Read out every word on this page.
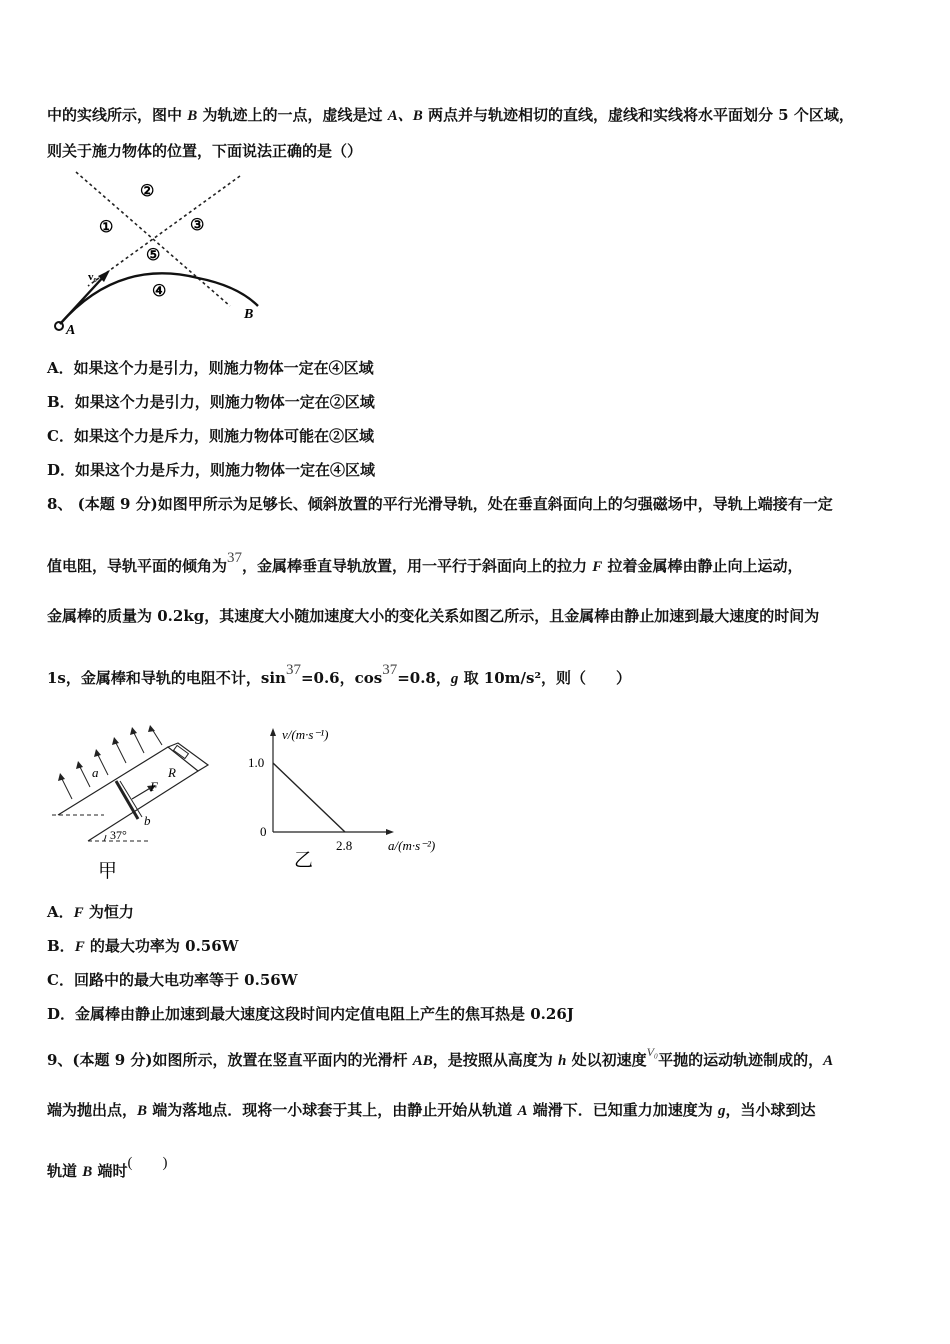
中的实线所示，图中 B 为轨迹上的一点，虚线是过 A、B 两点并与轨迹相切的直线，虚线和实线将水平面划分 5 个区域，
则关于施力物体的位置，下面说法正确的是（）
v₀
A
B
①
②
③
④
⑤
A．如果这个力是引力，则施力物体一定在④区域
B．如果这个力是引力，则施力物体一定在②区域
C．如果这个力是斥力，则施力物体可能在②区域
D．如果这个力是斥力，则施力物体一定在④区域
8、 (本题 9 分)如图甲所示为足够长、倾斜放置的平行光滑导轨，处在垂直斜面向上的匀强磁场中，导轨上端接有一定
值电阻，导轨平面的倾角为37，金属棒垂直导轨放置，用一平行于斜面向上的拉力 F 拉着金属棒由静止向上运动，
金属棒的质量为 0.2kg，其速度大小随加速度大小的变化关系如图乙所示，且金属棒由静止加速到最大速度的时间为
1s，金属棒和导轨的电阻不计，sin37=0.6，cos37=0.8，g 取 10m/s²，则（　　）
37°
a
b
R
F
甲
v/(m·s⁻¹)
a/(m·s⁻²)
1.0
2.8
0
乙
A．F 为恒力
B．F 的最大功率为 0.56W
C．回路中的最大电功率等于 0.56W
D．金属棒由静止加速到最大速度这段时间内定值电阻上产生的焦耳热是 0.26J
9、(本题 9 分)如图所示，放置在竖直平面内的光滑杆 AB，是按照从高度为 h 处以初速度$^{V_0}$平抛的运动轨迹制成的，A
端为抛出点，B 端为落地点．现将一小球套于其上，由静止开始从轨道 A 端滑下．已知重力加速度为 g，当小球到达
轨道 B 端时(　　)
